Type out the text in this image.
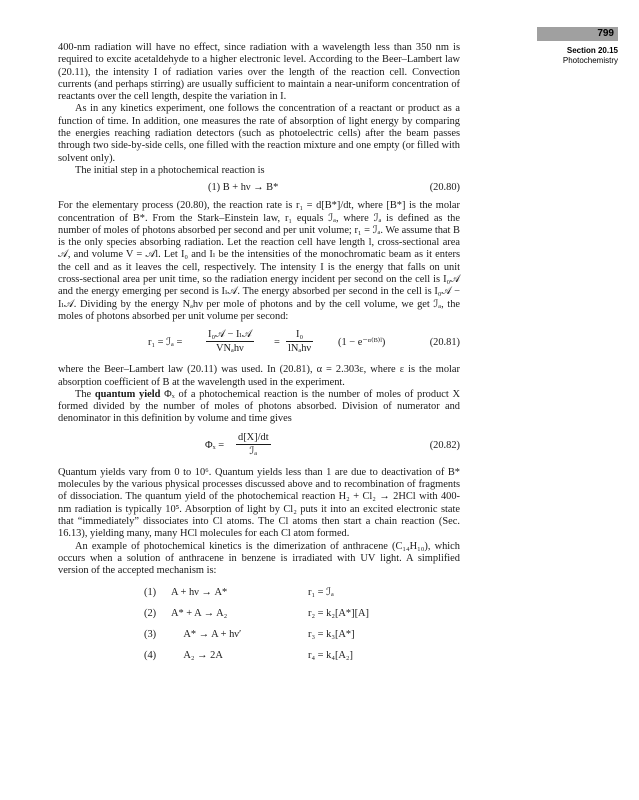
799
Section 20.15
Photochemistry

400-nm radiation will have no effect, since radiation with a wavelength less than 350 nm is required to excite acetaldehyde to a higher electronic level. According to the Beer–Lambert law (20.11), the intensity I of radiation varies over the length of the reaction cell. Convection currents (and perhaps stirring) are usually sufficient to maintain a near-uniform concentration of reactants over the cell length, despite the variation in I.

As in any kinetics experiment, one follows the concentration of a reactant or product as a function of time. In addition, one measures the rate of absorption of light energy by comparing the energies reaching radiation detectors (such as photoelectric cells) after the beam passes through two side-by-side cells, one filled with the reaction mixture and one empty (or filled with solvent only).

The initial step in a photochemical reaction is

(1) B + hν → B*	(20.80)

For the elementary process (20.80), the reaction rate is r₁ = d[B*]/dt, where [B*] is the molar concentration of B*. From the Stark–Einstein law, r₁ equals ℐₐ, where ℐₐ is defined as the number of moles of photons absorbed per second and per unit volume; r₁ = ℐₐ. We assume that B is the only species absorbing radiation. Let the reaction cell have length l, cross-sectional area 𝒜, and volume V = 𝒜l. Let I₀ and Iₗ be the intensities of the monochromatic beam as it enters the cell and as it leaves the cell, respectively. The intensity I is the energy that falls on unit cross-sectional area per unit time, so the radiation energy incident per second on the cell is I₀𝒜 and the energy emerging per second is Iₗ𝒜. The energy absorbed per second in the cell is I₀𝒜 − Iₗ𝒜. Dividing by the energy Nₐhν per mole of photons and by the cell volume, we get ℐₐ, the moles of photons absorbed per unit volume per second:

r₁ = ℐₐ =
I₀𝒜 − Iₗ𝒜
VNₐhν
=
I₀
lNₐhν
(1 − e⁻ᵅ⁽ᴮ⁾ˡ)	(20.81)

where the Beer–Lambert law (20.11) was used. In (20.81), α = 2.303ε, where ε is the molar absorption coefficient of B at the wavelength used in the experiment.

The quantum yield Φₓ of a photochemical reaction is the number of moles of product X formed divided by the number of moles of photons absorbed. Division of numerator and denominator in this definition by volume and time gives

Φₓ =
d[X]/dt
ℐₐ
(20.82)

Quantum yields vary from 0 to 10⁶. Quantum yields less than 1 are due to deactivation of B* molecules by the various physical processes discussed above and to recombination of fragments of dissociation. The quantum yield of the photochemical reaction H₂ + Cl₂ → 2HCl with 400-nm radiation is typically 10⁵. Absorption of light by Cl₂ puts it into an excited electronic state that “immediately” dissociates into Cl atoms. The Cl atoms then start a chain reaction (Sec. 16.13), yielding many, many HCl molecules for each Cl atom formed.

An example of photochemical kinetics is the dimerization of anthracene (C₁₄H₁₀), which occurs when a solution of anthracene in benzene is irradiated with UV light. A simplified version of the accepted mechanism is:

(1) A + hν → A*	r₁ = ℐₐ
(2) A* + A → A₂	r₂ = k₂[A*][A]
(3) A* → A + hν′	r₃ = k₃[A*]
(4) A₂ → 2A	r₄ = k₄[A₂]
